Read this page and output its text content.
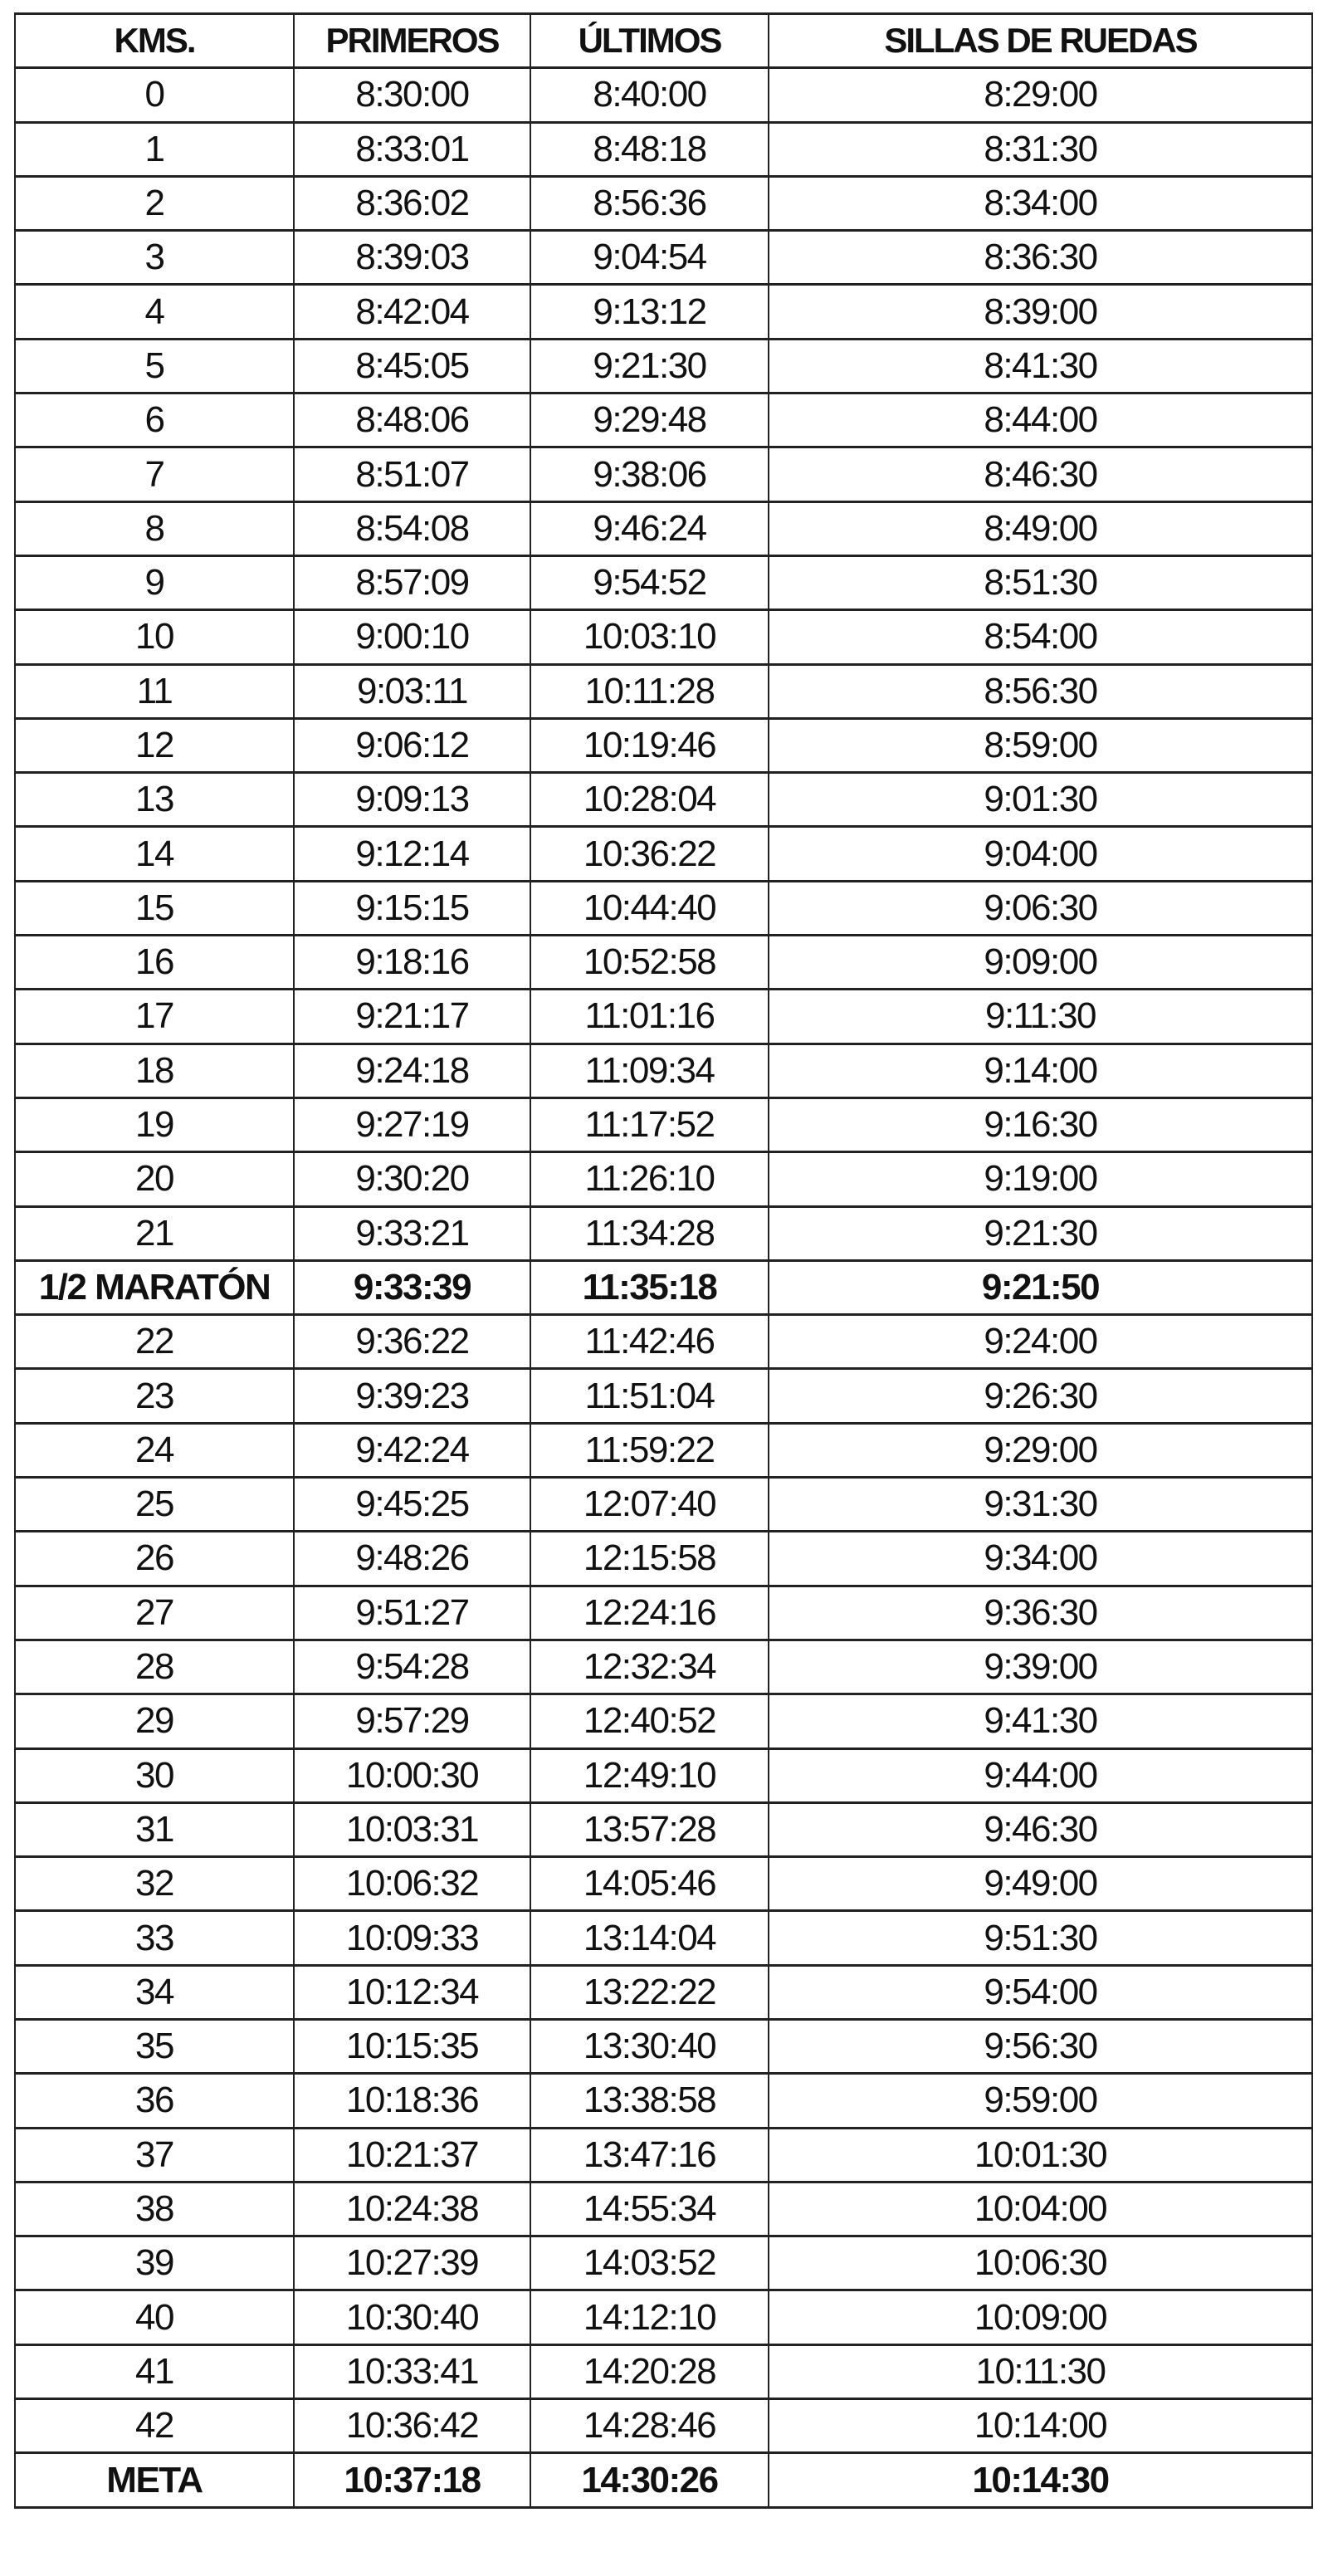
KMS.	PRIMEROS	ÚLTIMOS	SILLAS DE RUEDAS
0	8:30:00	8:40:00	8:29:00
1	8:33:01	8:48:18	8:31:30
2	8:36:02	8:56:36	8:34:00
3	8:39:03	9:04:54	8:36:30
4	8:42:04	9:13:12	8:39:00
5	8:45:05	9:21:30	8:41:30
6	8:48:06	9:29:48	8:44:00
7	8:51:07	9:38:06	8:46:30
8	8:54:08	9:46:24	8:49:00
9	8:57:09	9:54:52	8:51:30
10	9:00:10	10:03:10	8:54:00
11	9:03:11	10:11:28	8:56:30
12	9:06:12	10:19:46	8:59:00
13	9:09:13	10:28:04	9:01:30
14	9:12:14	10:36:22	9:04:00
15	9:15:15	10:44:40	9:06:30
16	9:18:16	10:52:58	9:09:00
17	9:21:17	11:01:16	9:11:30
18	9:24:18	11:09:34	9:14:00
19	9:27:19	11:17:52	9:16:30
20	9:30:20	11:26:10	9:19:00
21	9:33:21	11:34:28	9:21:30
1/2 MARATÓN	9:33:39	11:35:18	9:21:50
22	9:36:22	11:42:46	9:24:00
23	9:39:23	11:51:04	9:26:30
24	9:42:24	11:59:22	9:29:00
25	9:45:25	12:07:40	9:31:30
26	9:48:26	12:15:58	9:34:00
27	9:51:27	12:24:16	9:36:30
28	9:54:28	12:32:34	9:39:00
29	9:57:29	12:40:52	9:41:30
30	10:00:30	12:49:10	9:44:00
31	10:03:31	13:57:28	9:46:30
32	10:06:32	14:05:46	9:49:00
33	10:09:33	13:14:04	9:51:30
34	10:12:34	13:22:22	9:54:00
35	10:15:35	13:30:40	9:56:30
36	10:18:36	13:38:58	9:59:00
37	10:21:37	13:47:16	10:01:30
38	10:24:38	14:55:34	10:04:00
39	10:27:39	14:03:52	10:06:30
40	10:30:40	14:12:10	10:09:00
41	10:33:41	14:20:28	10:11:30
42	10:36:42	14:28:46	10:14:00
META	10:37:18	14:30:26	10:14:30
